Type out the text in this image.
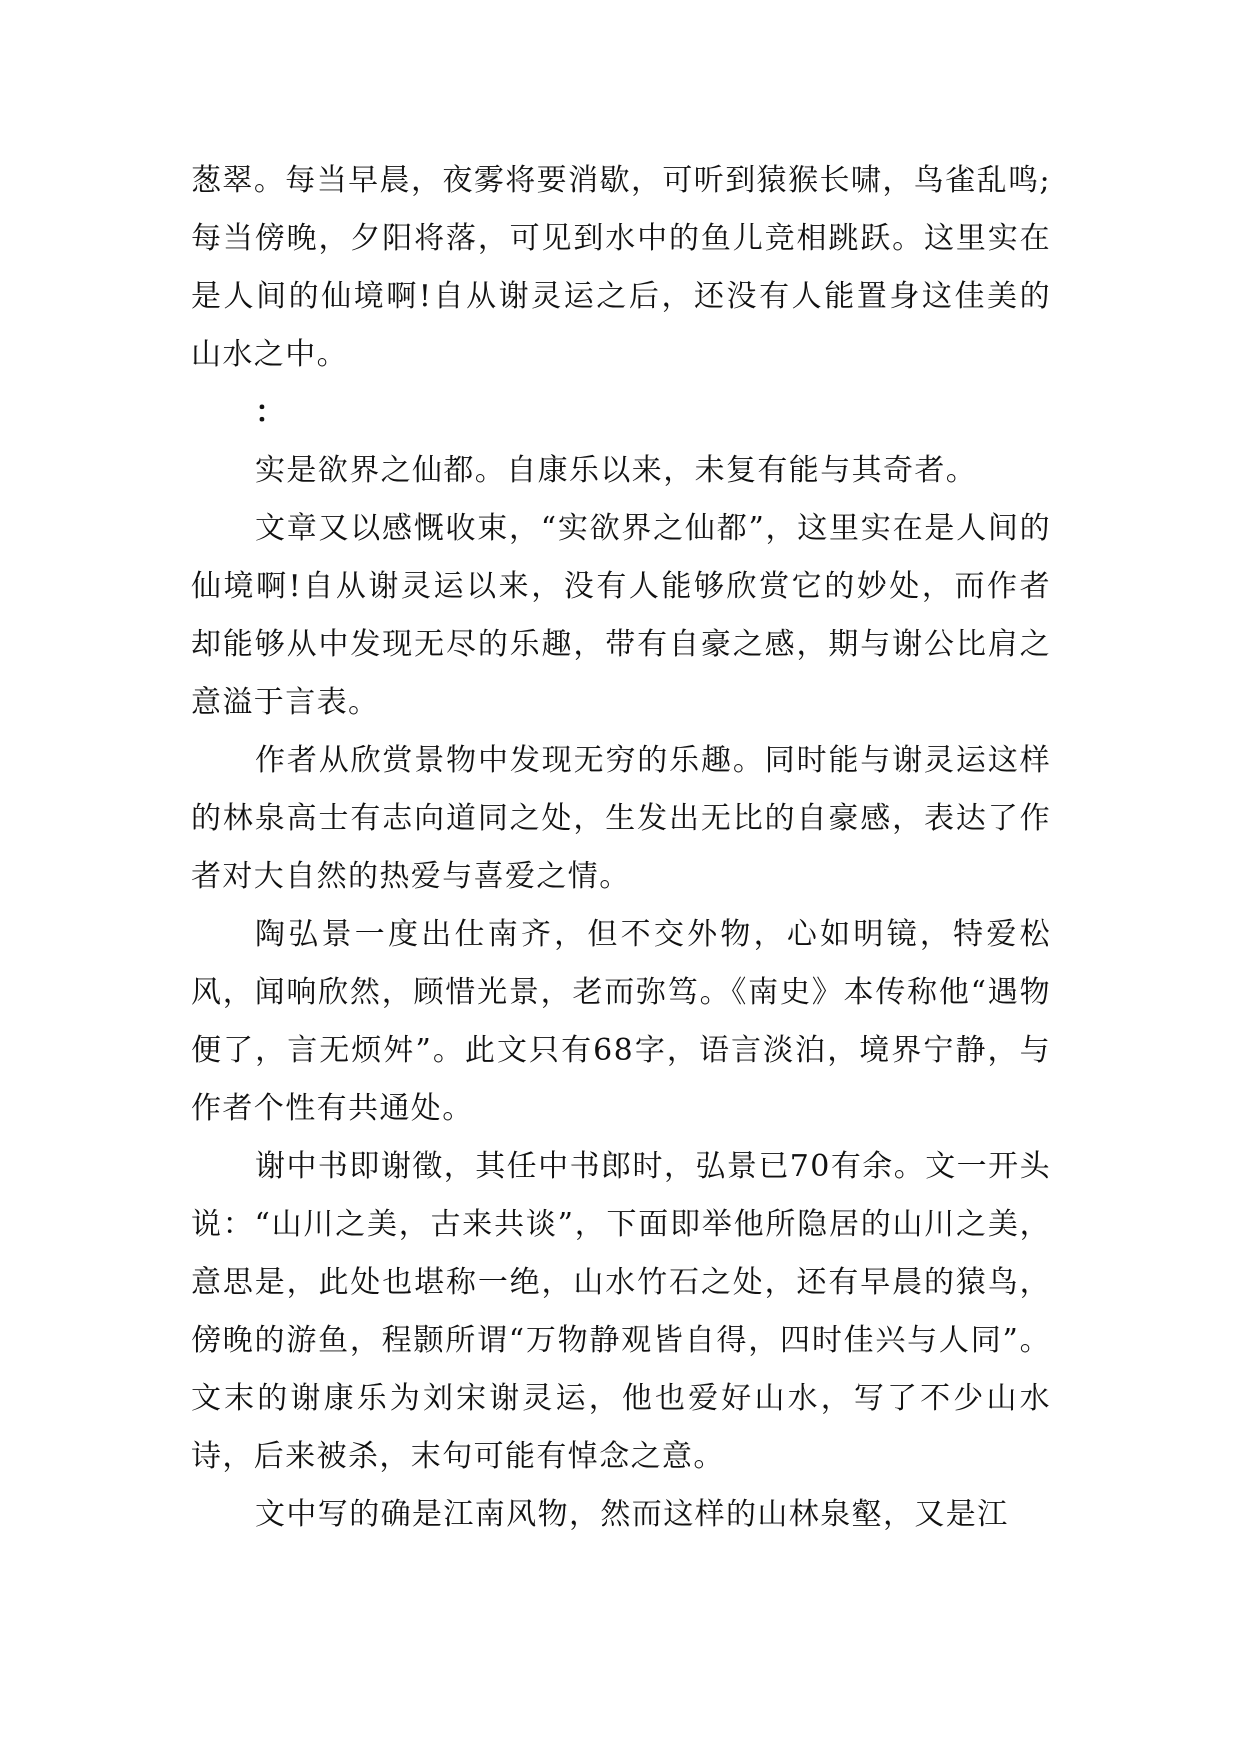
葱翠。每当早晨，夜雾将要消歇，可听到猿猴长啸，鸟雀乱鸣;每当傍晚，夕阳将落，可见到水中的鱼儿竞相跳跃。这里实在是人间的仙境啊!自从谢灵运之后，还没有人能置身这佳美的山水之中。

：

实是欲界之仙都。自康乐以来，未复有能与其奇者。

文章又以感慨收束，“实欲界之仙都”，这里实在是人间的仙境啊!自从谢灵运以来，没有人能够欣赏它的妙处，而作者却能够从中发现无尽的乐趣，带有自豪之感，期与谢公比肩之意溢于言表。

作者从欣赏景物中发现无穷的乐趣。同时能与谢灵运这样的林泉高士有志向道同之处，生发出无比的自豪感，表达了作者对大自然的热爱与喜爱之情。

陶弘景一度出仕南齐，但不交外物，心如明镜，特爱松风，闻响欣然，顾惜光景，老而弥笃。《南史》本传称他“遇物便了，言无烦舛”。此文只有68字，语言淡泊，境界宁静，与作者个性有共通处。

谢中书即谢徵，其任中书郎时，弘景已70有余。文一开头说：“山川之美，古来共谈”，下面即举他所隐居的山川之美，意思是，此处也堪称一绝，山水竹石之处，还有早晨的猿鸟，傍晚的游鱼，程颢所谓“万物静观皆自得，四时佳兴与人同”。文末的谢康乐为刘宋谢灵运，他也爱好山水，写了不少山水诗，后来被杀，末句可能有悼念之意。

文中写的确是江南风物，然而这样的山林泉壑，又是江
